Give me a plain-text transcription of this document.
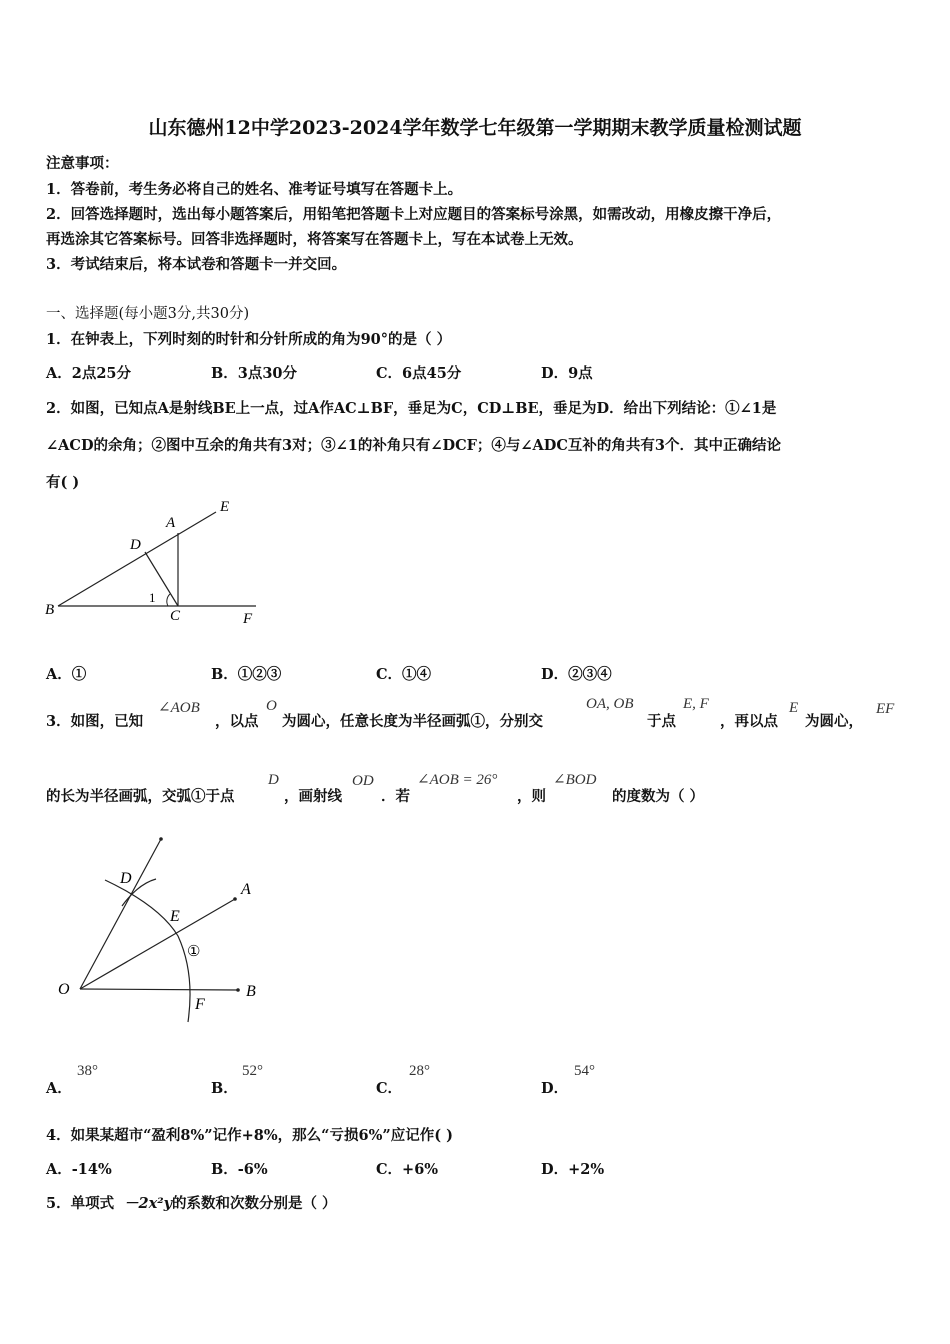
山东德州12中学2023-2024学年数学七年级第一学期期末教学质量检测试题
注意事项：
1．答卷前，考生务必将自己的姓名、准考证号填写在答题卡上。
2．回答选择题时，选出每小题答案后，用铅笔把答题卡上对应题目的答案标号涂黑，如需改动，用橡皮擦干净后，
再选涂其它答案标号。回答非选择题时，将答案写在答题卡上，写在本试卷上无效。
3．考试结束后，将本试卷和答题卡一并交回。
一、选择题(每小题3分,共30分)
1．在钟表上，下列时刻的时针和分针所成的角为90°的是（ ）
A．2点25分	B．3点30分	C．6点45分	D．9点
2．如图，已知点A是射线BE上一点，过A作AC⊥BF，垂足为C，CD⊥BE，垂足为D．给出下列结论：①∠1是
∠ACD的余角；②图中互余的角共有3对；③∠1的补角只有∠DCF；④与∠ADC互补的角共有3个．其中正确结论
有( )
E
A
D
B
1
C	F
A．①	B．①②③	C．①④	D．②③④
3．如图，已知
∠AOB
，以点
O
为圆心，任意长度为半径画弧①，分别交
OA, OB
于点
E, F
，再以点
E
为圆心，
EF
的长为半径画弧，交弧①于点
D
，画射线
OD
．若
∠AOB = 26°
，则
∠BOD
的度数为（ ）
D
A
E
①
O	B
F
A．
38°
B．
52°
C．
28°
D．
54°
4．如果某超市“盈利8%”记作+8%，那么“亏损6%”应记作( )
A．-14%	B．-6%	C．+6%	D．+2%
5．单项式 －2x²y 的系数和次数分别是（ ）
